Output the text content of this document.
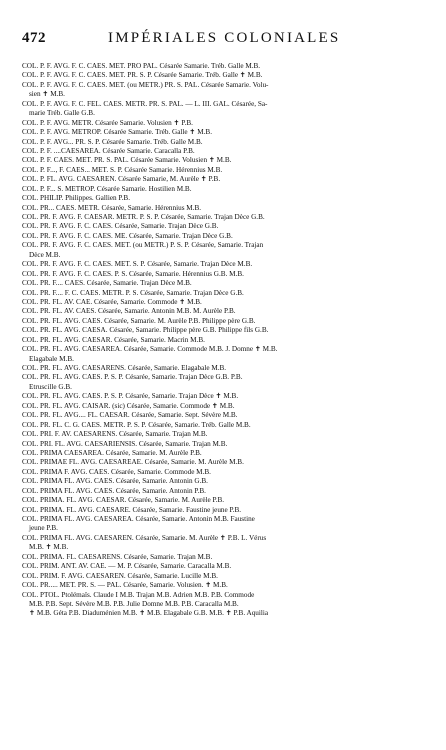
472	IMPÉRIALES COLONIALES
COL. P. F. AVG. F. C. CAES. MET. PRO PAL. Césarée Samarie. Tréb. Galle M.B.
COL. P. F. AVG. F. C. CAES. MET. PR. S. P. Césarée Samarie. Tréb. Galle ✝ M.B.
COL. P. F. AVG. F. C. CAES. MET. (ou METR.) PR. S. PAL. Césarée Samarie. Volu-
sien ✝ M.B.
COL. P. F. AVG. F. C. FEL. CAES. METR. PR. S. PAL. — L. III. GAL. Césarée, Sa-
marie Tréb. Galle G.B.
COL. P. F. AVG. METR. Césarée Samarie. Volusien ✝ P.B.
COL. P. F. AVG. METROP. Césarée Samarie. Tréb. Galle ✝ M.B.
COL. P. F. AVG... PR. S. P. Césarée Samarie. Tréb. Galle M.B.
COL. P. F. ....CAESAREA. Césarée Samarie. Caracalla P.B.
COL. P. F. CAES. MET. PR. S. PAL. Césarée Samarie. Volusien ✝ M.B.
COL. P. F..., F. CAES... MET. S. P. Césarée Samarie. Hérennius M.B.
COL. P. FL. AVG. CAESAREN. Césarée Samarie, M. Aurèle ✝ P.B.
COL. P. F... S. METROP. Césarée Samarie. Hostilien M.B.
COL. PHILIP. Philippes. Gallien P.B.
COL. PR... CAES. METR. Césarée, Samarie. Hérennius M.B.
COL. PR. F. AVG. F. CAESAR. METR. P. S. P. Césarée, Samarie. Trajan Dèce G.B.
COL. PR. F. AVG. F. C. CAES. Césarée, Samarie. Trajan Dèce G.B.
COL. PR. F. AVG. F. C. CAES. ME. Césarée, Samarie. Trajan Dèce G.B.
COL. PR. F. AVG. F. C. CAES. MET. (ou METR.) P. S. P. Césarée, Samarie. Trajan
Dèce M.B.
COL. PR. F. AVG. F. C. CAES. MET. S. P. Césarée, Samarie. Trajan Dèce M.B.
COL. PR. F. AVG. F. C. CAES. P. S. Césarée, Samarie. Hérennius G.B. M.B.
COL. PR. F.... CAES. Césarée, Samarie. Trajan Dèce M.B.
COL. PR. F.... F. C. CAES. METR. P. S. Césarée, Samarie. Trajan Dèce G.B.
COL. PR. FL. AV. CAE. Césarée, Samarie. Commode ✝ M.B.
COL. PR. FL. AV. CAES. Césarée, Samarie. Antonin M.B. M. Aurèle P.B.
COL. PR. FL. AVG. CAES. Césarée, Samarie. M. Aurèle P.B. Philippe père G.B.
COL. PR. FL. AVG. CAESA. Césarée, Samarie. Philippe père G.B. Philippe fils G.B.
COL. PR. FL. AVG. CAESAR. Césarée, Samarie. Macrin M.B.
COL. PR. FL. AVG. CAESAREA. Césarée, Samarie. Commode M.B. J. Domne ✝ M.B.
Elagabale M.B.
COL. PR. FL. AVG. CAESARENS. Césarée, Samarie. Elagabale M.B.
COL. PR. FL. AVG. CAES. P. S. P. Césarée, Samarie. Trajan Dèce G.B. P.B.
Etruscille G.B.
COL. PR. FL. AVG. CAES. P. S. P. Césarée, Samarie. Trajan Dèce ✝ M.B.
COL. PR. FL. AVG. CAISAR. (sic) Césarée, Samarie. Commode ✝ M.B.
COL. PR. FL. AVG.... FL. CAESAR. Césarée, Samarie. Sept. Sévère M.B.
COL. PR. FL. C. G. CAES. METR. P. S. P. Césarée, Samarie. Tréb. Galle M.B.
COL. PRI. F. AV. CAESARENS. Césarée, Samarie. Trajan M.B.
COL. PRI. FL. AVG. CAESARIENSIS. Césarée, Samarie. Trajan M.B.
COL. PRIMA CAESAREA. Césarée, Samarie. M. Aurèle P.B.
COL. PRIMAE FL. AVG. CAESAREAE. Césarée, Samarie. M. Aurèle M.B.
COL. PRIMA F. AVG. CAES. Césarée, Samarie. Commode M.B.
COL. PRIMA FL. AVG. CAES. Césarée, Samarie. Antonin G.B.
COL. PRIMA FL. AVG. CAES. Césarée, Samarie. Antonin P.B.
COL. PRIMA. FL. AVG. CAESAR. Césarée, Samarie. M. Aurèle P.B.
COL. PRIMA. FL. AVG. CAESARE. Césarée, Samarie. Faustine jeune P.B.
COL. PRIMA FL. AVG. CAESAREA. Césarée, Samarie. Antonin M.B. Faustine
jeune P.B.
COL. PRIMA FL. AVG. CAESAREN. Césarée, Samarie. M. Aurèle ✝ P.B. L. Vérus
M.B. ✝ M.B.
COL. PRIMA. FL. CAESARENS. Césarée, Samarie. Trajan M.B.
COL. PRIM. ANT. AV. CAE. — M. P. Césarée, Samarie. Caracalla M.B.
COL. PRIM. F. AVG. CAESAREN. Césarée, Samarie. Lucille M.B.
COL. PR..... MET. PR. S. — PAL. Césarée, Samarie. Volusien. ✝ M.B.
COL. PTOL. Ptolémaïs. Claude I M.B. Trajan M.B. Adrien M.B. P.B. Commode
M.B. P.B. Sept. Sévère M.B. P.B. Julie Domne M.B. P.B. Caracalla M.B.
✝ M.B. Géta P.B. Diaduménien M.B. ✝ M.B. Elagabale G.B. M.B. ✝ P.B. Aquilia
